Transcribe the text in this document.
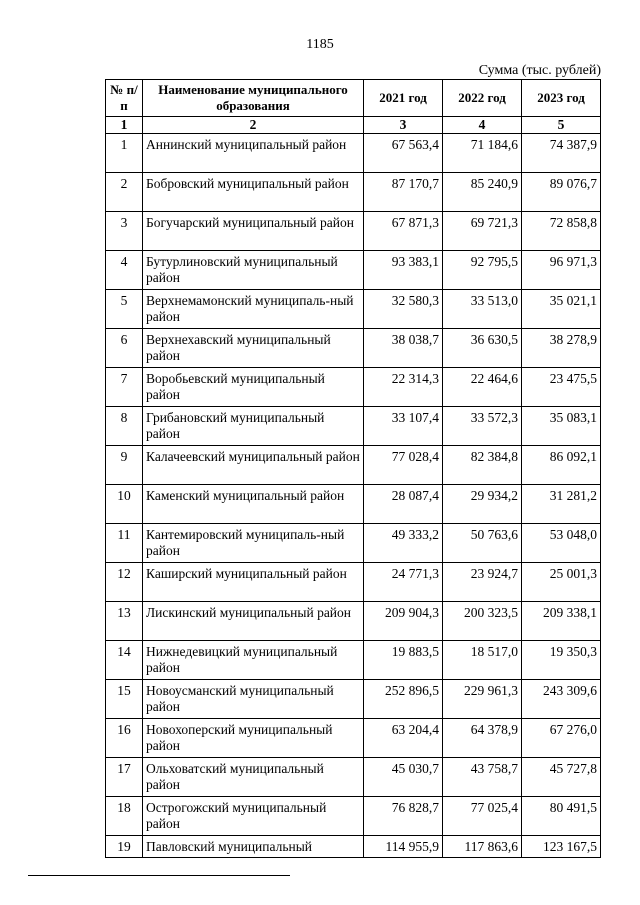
1185
Сумма (тыс. рублей)
№ п/п	Наименование муниципального образования	2021 год	2022 год	2023 год
1	2	3	4	5
1	Аннинский муниципальный район	67 563,4	71 184,6	74 387,9
2	Бобровский муниципальный район	87 170,7	85 240,9	89 076,7
3	Богучарский муниципальный район	67 871,3	69 721,3	72 858,8
4	Бутурлиновский муниципальный район	93 383,1	92 795,5	96 971,3
5	Верхнемамонский муниципаль-ный район	32 580,3	33 513,0	35 021,1
6	Верхнехавский муниципальный район	38 038,7	36 630,5	38 278,9
7	Воробьевский муниципальный район	22 314,3	22 464,6	23 475,5
8	Грибановский муниципальный район	33 107,4	33 572,3	35 083,1
9	Калачеевский муниципальный район	77 028,4	82 384,8	86 092,1
10	Каменский муниципальный район	28 087,4	29 934,2	31 281,2
11	Кантемировский муниципаль-ный район	49 333,2	50 763,6	53 048,0
12	Каширский муниципальный район	24 771,3	23 924,7	25 001,3
13	Лискинский муниципальный район	209 904,3	200 323,5	209 338,1
14	Нижнедевицкий муниципальный район	19 883,5	18 517,0	19 350,3
15	Новоусманский муниципальный район	252 896,5	229 961,3	243 309,6
16	Новохоперский муниципальный район	63 204,4	64 378,9	67 276,0
17	Ольховатский муниципальный район	45 030,7	43 758,7	45 727,8
18	Острогожский муниципальный район	76 828,7	77 025,4	80 491,5
19	Павловский муниципальный	114 955,9	117 863,6	123 167,5
